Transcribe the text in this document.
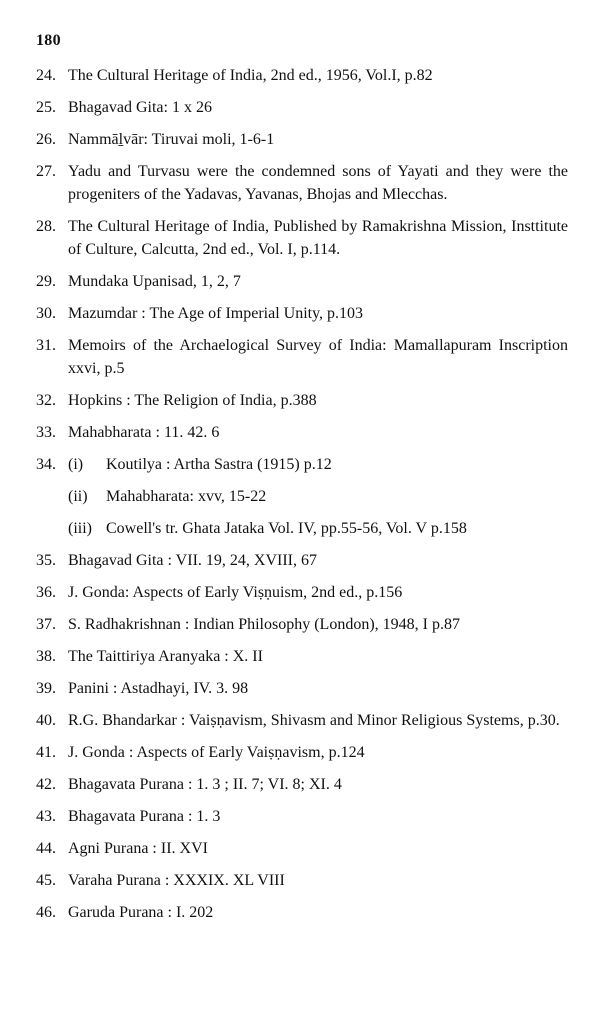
180
24. The Cultural Heritage of India, 2nd ed., 1956, Vol.I, p.82
25. Bhagavad Gita: 1 x 26
26. Nammāḻvār: Tiruvai moli, 1-6-1
27. Yadu and Turvasu were the condemned sons of Yayati and they were the progeniters of the Yadavas, Yavanas, Bhojas and Mlecchas.
28. The Cultural Heritage of India, Published by Ramakrishna Mission, Insttitute of Culture, Calcutta, 2nd ed., Vol. I, p.114.
29. Mundaka Upanisad, 1, 2, 7
30. Mazumdar : The Age of Imperial Unity, p.103
31. Memoirs of the Archaelogical Survey of India: Mamallapuram Inscription xxvi, p.5
32. Hopkins : The Religion of India, p.388
33. Mahabharata : 11. 42. 6
34. (i)	Koutilya : Artha Sastra (1915) p.12
(ii)	Mahabharata: xvv, 15-22
(iii) Cowell's tr. Ghata Jataka Vol. IV, pp.55-56, Vol. V p.158
35. Bhagavad Gita : VII. 19, 24, XVIII, 67
36. J. Gonda: Aspects of Early Viṣṇuism, 2nd ed., p.156
37. S. Radhakrishnan : Indian Philosophy (London), 1948, I p.87
38. The Taittiriya Aranyaka : X. II
39. Panini : Astadhayi, IV. 3. 98
40. R.G. Bhandarkar : Vaiṣṇavism, Shivasm and Minor Religious Systems, p.30.
41. J. Gonda : Aspects of Early Vaiṣṇavism, p.124
42. Bhagavata Purana : 1. 3 ; II. 7; VI. 8; XI. 4
43. Bhagavata Purana : 1. 3
44. Agni Purana : II. XVI
45. Varaha Purana : XXXIX. XL VIII
46. Garuda Purana : I. 202
